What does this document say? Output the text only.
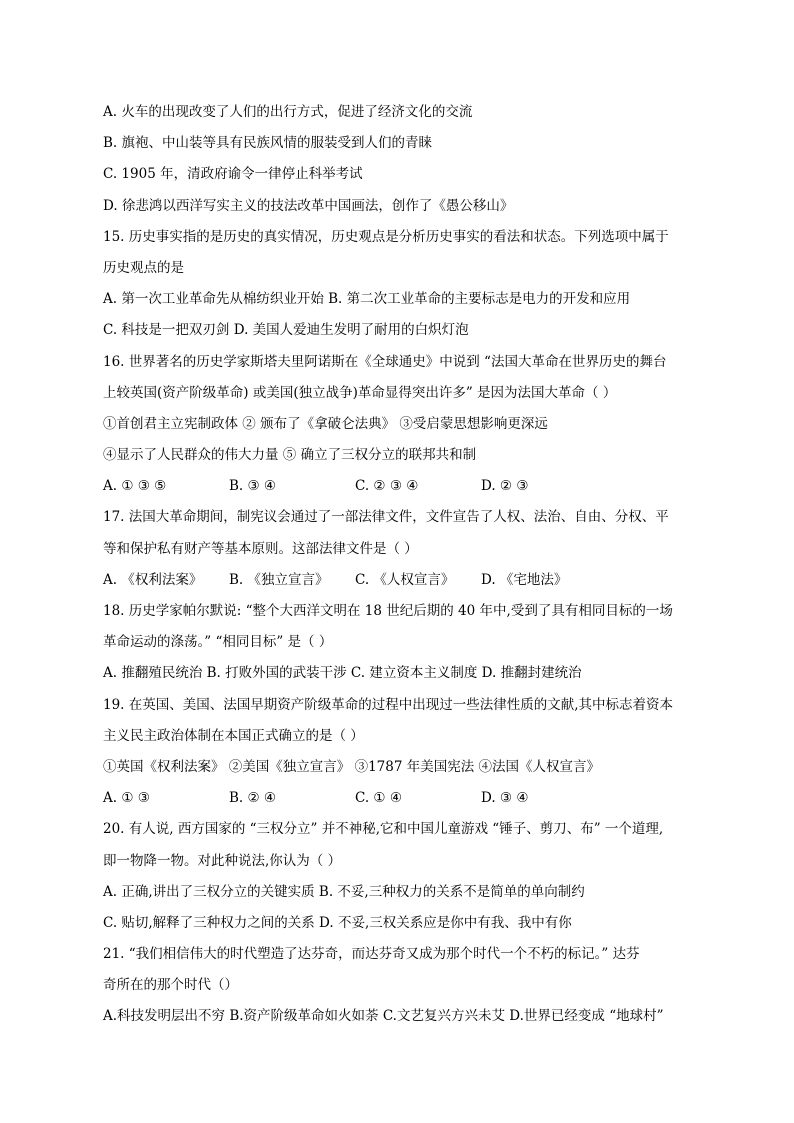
A. 火车的出现改变了人们的出行方式，促进了经济文化的交流
B. 旗袍、中山装等具有民族风情的服装受到人们的青睐
C. 1905 年，清政府谕令一律停止科举考试
D. 徐悲鸿以西洋写实主义的技法改革中国画法，创作了《愚公移山》
15. 历史事实指的是历史的真实情况，历史观点是分析历史事实的看法和状态。下列选项中属于
历史观点的是
A. 第一次工业革命先从棉纺织业开始 B. 第二次工业革命的主要标志是电力的开发和应用
C. 科技是一把双刃剑 D. 美国人爱迪生发明了耐用的白炽灯泡
16. 世界著名的历史学家斯塔夫里阿诺斯在《全球通史》中说到 “法国大革命在世界历史的舞台
上较英国(资产阶级革命) 或美国(独立战争)革命显得突出许多” 是因为法国大革命（ ）
①首创君主立宪制政体 ② 颁布了《拿破仑法典》 ③受启蒙思想影响更深远
④显示了人民群众的伟大力量 ⑤ 确立了三权分立的联邦共和制
A. ① ③ ⑤	B. ③ ④	C. ② ③ ④	D. ② ③
17. 法国大革命期间，制宪议会通过了一部法律文件，文件宣告了人权、法治、自由、分权、平
等和保护私有财产等基本原则。这部法律文件是（ ）
A. 《权利法案》	B. 《独立宣言》	C. 《人权宣言》	D. 《宅地法》
18. 历史学家帕尔默说: “整个大西洋文明在 18 世纪后期的 40 年中,受到了具有相同目标的一场
革命运动的涤荡。” “相同目标” 是（ ）
A. 推翻殖民统治 B. 打败外国的武装干涉 C. 建立资本主义制度 D. 推翻封建统治
19. 在英国、美国、法国早期资产阶级革命的过程中出现过一些法律性质的文献,其中标志着资本
主义民主政治体制在本国正式确立的是（ ）
①英国《权利法案》 ②美国《独立宣言》 ③1787 年美国宪法 ④法国《人权宣言》
A. ① ③	B. ② ④	C. ① ④	D. ③ ④
20. 有人说, 西方国家的 “三权分立” 并不神秘,它和中国儿童游戏 “锤子、剪刀、布” 一个道理,
即一物降一物。对此种说法,你认为（ ）
A. 正确,讲出了三权分立的关键实质 B. 不妥,三种权力的关系不是简单的单向制约
C. 贴切,解释了三种权力之间的关系 D. 不妥,三权关系应是你中有我、我中有你
21. “我们相信伟大的时代塑造了达芬奇，而达芬奇又成为那个时代一个不朽的标记。” 达芬
奇所在的那个时代（）
A.科技发明层出不穷 B.资产阶级革命如火如荼 C.文艺复兴方兴未艾 D.世界已经变成 “地球村”
